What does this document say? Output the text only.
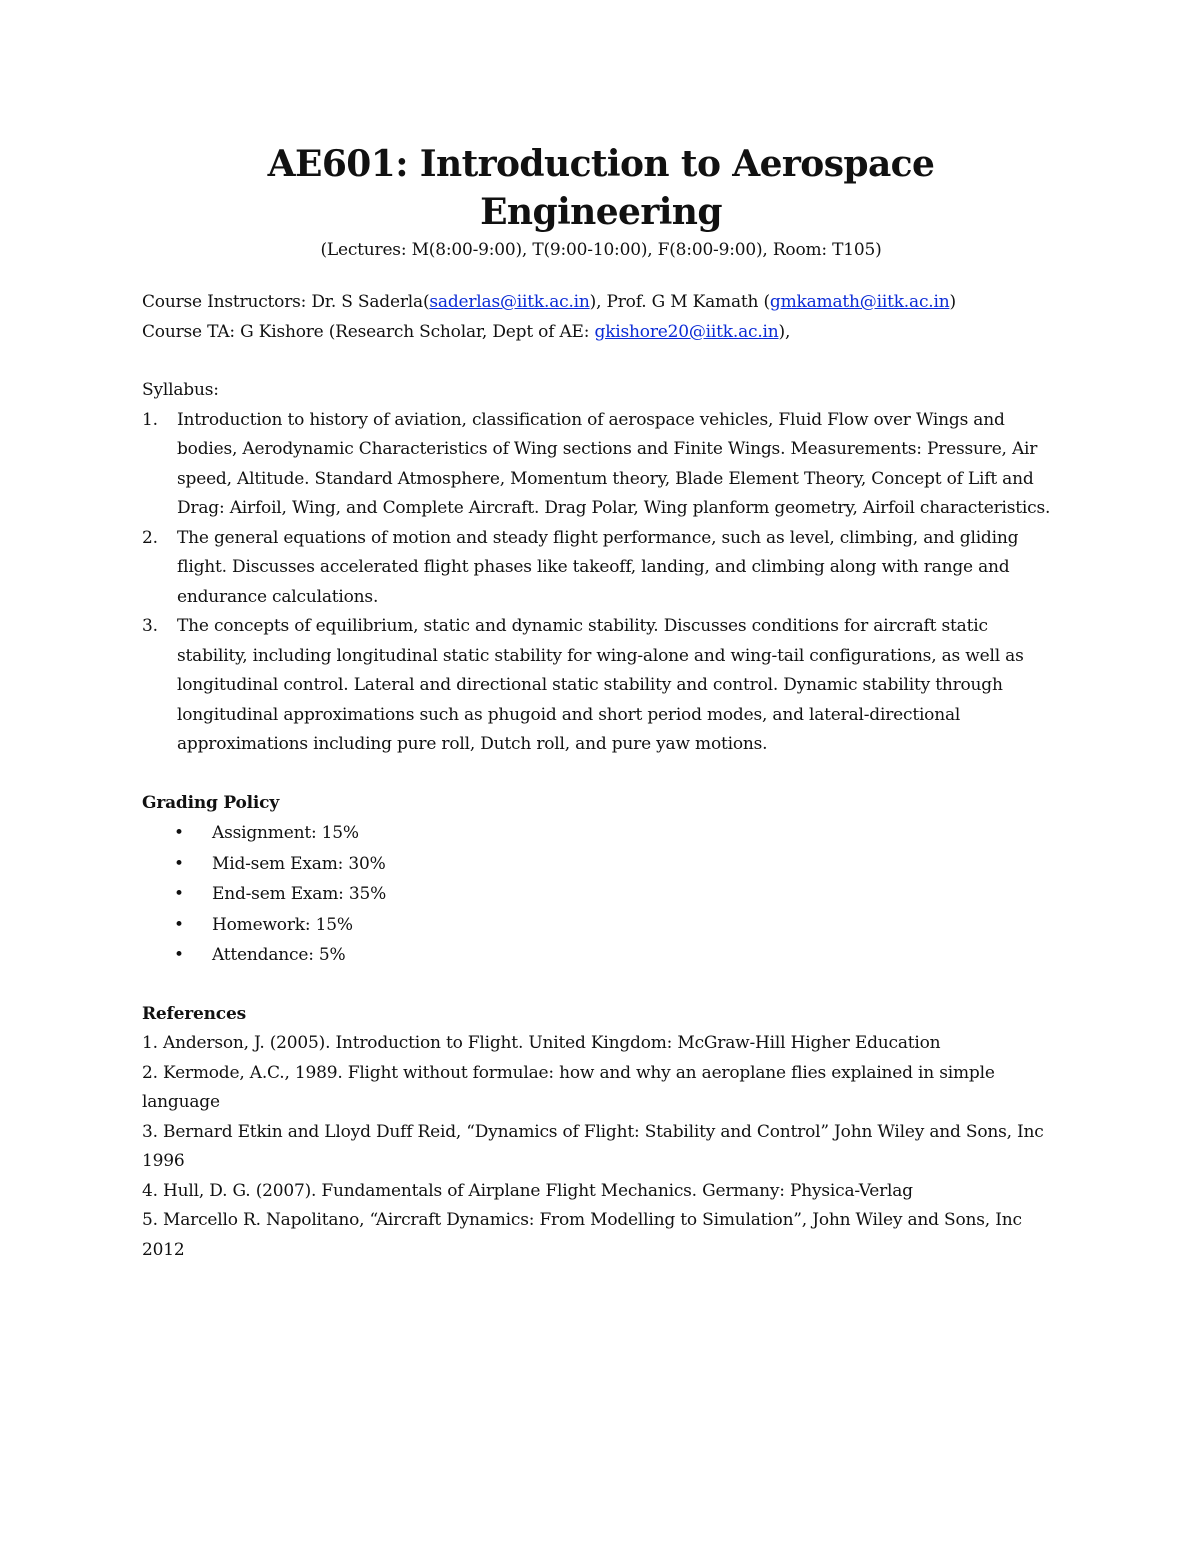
AE601: Introduction to Aerospace Engineering
(Lectures: M(8:00-9:00), T(9:00-10:00), F(8:00-9:00), Room: T105)
Course Instructors: Dr. S Saderla(saderlas@iitk.ac.in), Prof. G M Kamath (gmkamath@iitk.ac.in)
Course TA: G Kishore (Research Scholar, Dept of AE: gkishore20@iitk.ac.in),
Syllabus:
1. Introduction to history of aviation, classification of aerospace vehicles, Fluid Flow over Wings and bodies, Aerodynamic Characteristics of Wing sections and Finite Wings. Measurements: Pressure, Air speed, Altitude. Standard Atmosphere, Momentum theory, Blade Element Theory, Concept of Lift and Drag: Airfoil, Wing, and Complete Aircraft. Drag Polar, Wing planform geometry, Airfoil characteristics.
2. The general equations of motion and steady flight performance, such as level, climbing, and gliding flight. Discusses accelerated flight phases like takeoff, landing, and climbing along with range and endurance calculations.
3. The concepts of equilibrium, static and dynamic stability. Discusses conditions for aircraft static stability, including longitudinal static stability for wing-alone and wing-tail configurations, as well as longitudinal control. Lateral and directional static stability and control. Dynamic stability through longitudinal approximations such as phugoid and short period modes, and lateral-directional approximations including pure roll, Dutch roll, and pure yaw motions.
Grading Policy
• Assignment: 15%
• Mid-sem Exam: 30%
• End-sem Exam: 35%
• Homework: 15%
• Attendance: 5%
References

1. Anderson, J. (2005). Introduction to Flight. United Kingdom: McGraw-Hill Higher Education

2. Kermode, A.C., 1989. Flight without formulae: how and why an aeroplane flies explained in simple language

3. Bernard Etkin and Lloyd Duff Reid, “Dynamics of Flight: Stability and Control” John Wiley and Sons, Inc 1996

4. Hull, D. G. (2007). Fundamentals of Airplane Flight Mechanics. Germany: Physica-Verlag

5. Marcello R. Napolitano, “Aircraft Dynamics: From Modelling to Simulation”, John Wiley and Sons, Inc 2012
